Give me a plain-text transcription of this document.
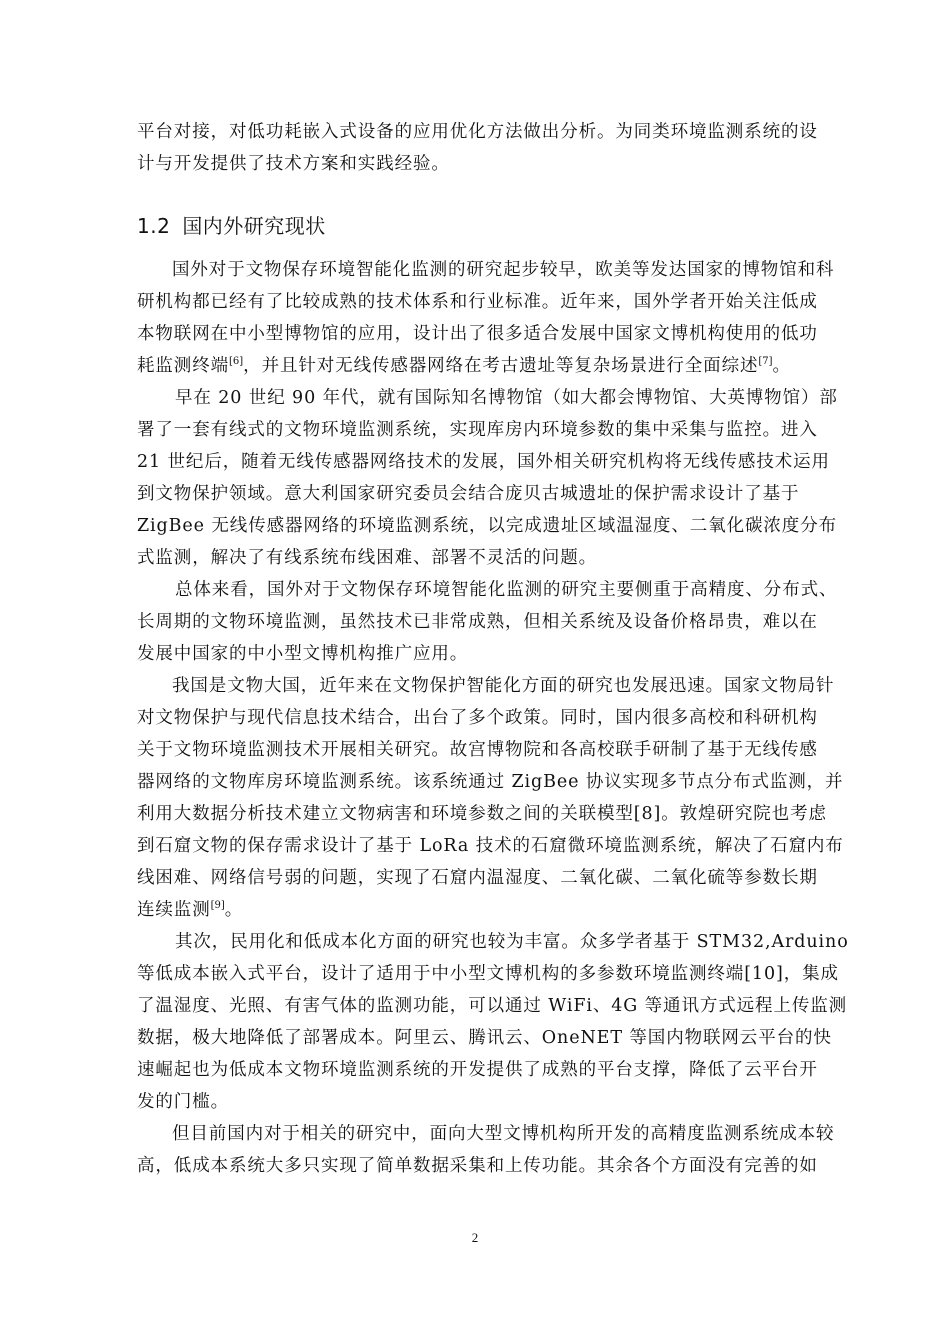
平台对接，对低功耗嵌入式设备的应用优化方法做出分析。为同类环境监测系统的设
计与开发提供了技术方案和实践经验。
1.2 国内外研究现状
国外对于文物保存环境智能化监测的研究起步较早，欧美等发达国家的博物馆和科
研机构都已经有了比较成熟的技术体系和行业标准。近年来，国外学者开始关注低成
本物联网在中小型博物馆的应用，设计出了很多适合发展中国家文博机构使用的低功
耗监测终端[6]，并且针对无线传感器网络在考古遗址等复杂场景进行全面综述[7]。
早在 20 世纪 90 年代，就有国际知名博物馆（如大都会博物馆、大英博物馆）部
署了一套有线式的文物环境监测系统，实现库房内环境参数的集中采集与监控。进入
21 世纪后，随着无线传感器网络技术的发展，国外相关研究机构将无线传感技术运用
到文物保护领域。意大利国家研究委员会结合庞贝古城遗址的保护需求设计了基于
ZigBee 无线传感器网络的环境监测系统，以完成遗址区域温湿度、二氧化碳浓度分布
式监测，解决了有线系统布线困难、部署不灵活的问题。
总体来看，国外对于文物保存环境智能化监测的研究主要侧重于高精度、分布式、
长周期的文物环境监测，虽然技术已非常成熟，但相关系统及设备价格昂贵，难以在
发展中国家的中小型文博机构推广应用。
我国是文物大国，近年来在文物保护智能化方面的研究也发展迅速。国家文物局针
对文物保护与现代信息技术结合，出台了多个政策。同时，国内很多高校和科研机构
关于文物环境监测技术开展相关研究。故宫博物院和各高校联手研制了基于无线传感
器网络的文物库房环境监测系统。该系统通过 ZigBee 协议实现多节点分布式监测，并
利用大数据分析技术建立文物病害和环境参数之间的关联模型[8]。敦煌研究院也考虑
到石窟文物的保存需求设计了基于 LoRa 技术的石窟微环境监测系统，解决了石窟内布
线困难、网络信号弱的问题，实现了石窟内温湿度、二氧化碳、二氧化硫等参数长期
连续监测[9]。
其次，民用化和低成本化方面的研究也较为丰富。众多学者基于 STM32,Arduino
等低成本嵌入式平台，设计了适用于中小型文博机构的多参数环境监测终端[10]，集成
了温湿度、光照、有害气体的监测功能，可以通过 WiFi、4G 等通讯方式远程上传监测
数据，极大地降低了部署成本。阿里云、腾讯云、OneNET 等国内物联网云平台的快
速崛起也为低成本文物环境监测系统的开发提供了成熟的平台支撑，降低了云平台开
发的门槛。
但目前国内对于相关的研究中，面向大型文博机构所开发的高精度监测系统成本较
高，低成本系统大多只实现了简单数据采集和上传功能。其余各个方面没有完善的如
2
